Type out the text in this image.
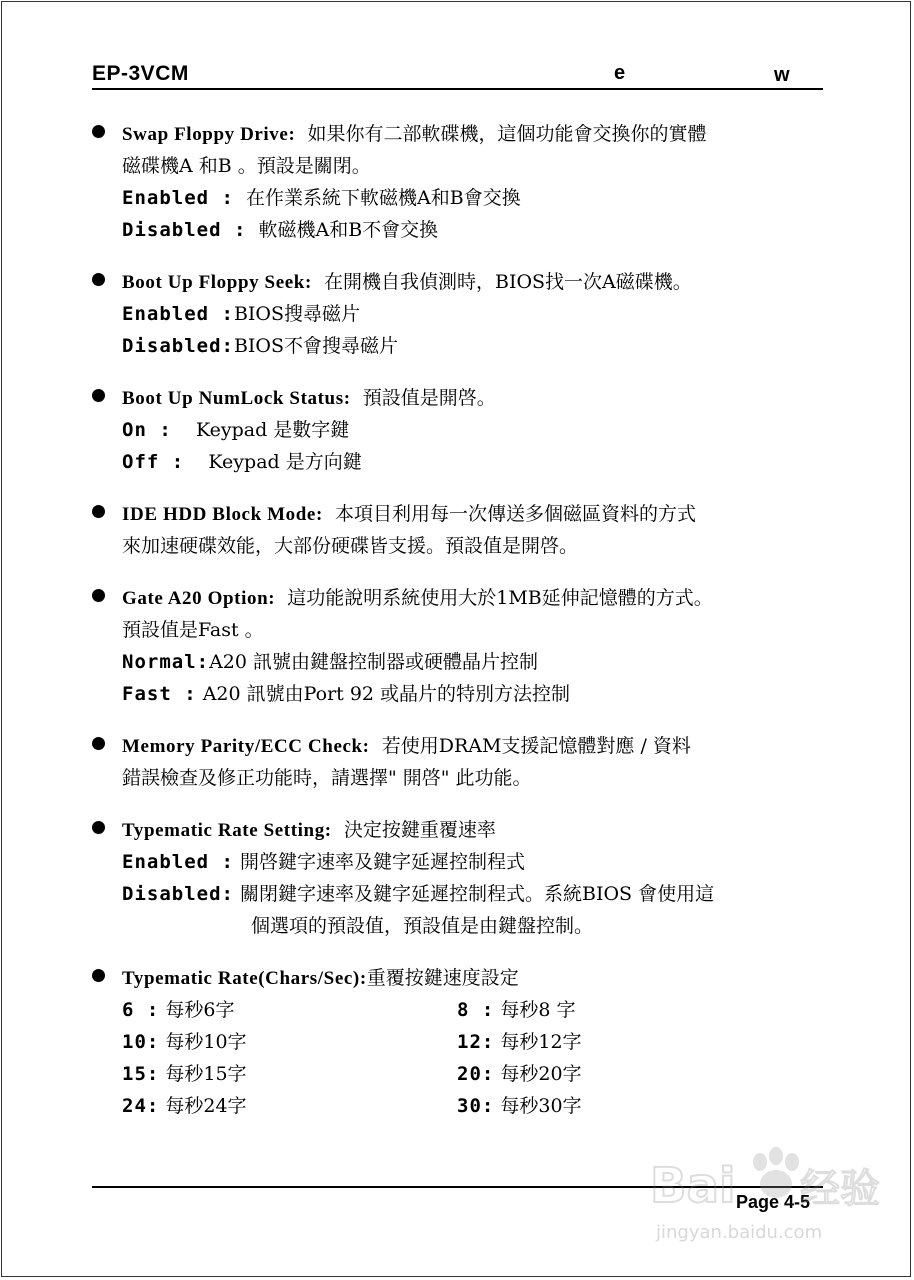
EP-3VCM	e	w
Swap Floppy Drive: 如果你有二部軟碟機，這個功能會交換你的實體
磁碟機A 和B 。預設是關閉。
Enabled : 在作業系統下軟磁機A和B會交換
Disabled : 軟磁機A和B不會交換
Boot Up Floppy Seek: 在開機自我偵測時，BIOS找一次A磁碟機。
Enabled :BIOS搜尋磁片
Disabled:BIOS不會搜尋磁片
Boot Up NumLock Status: 預設值是開啓。
On : Keypad 是數字鍵
Off : Keypad 是方向鍵
IDE HDD Block Mode: 本項目利用每一次傳送多個磁區資料的方式
來加速硬碟效能，大部份硬碟皆支援。預設值是開啓。
Gate A20 Option: 這功能說明系統使用大於1MB延伸記憶體的方式。
預設值是Fast 。
Normal:A20 訊號由鍵盤控制器或硬體晶片控制
Fast : A20 訊號由Port 92 或晶片的特別方法控制
Memory Parity/ECC Check: 若使用DRAM支援記憶體對應 / 資料
錯誤檢查及修正功能時，請選擇" 開啓" 此功能。
Typematic Rate Setting: 決定按鍵重覆速率
Enabled : 開啓鍵字速率及鍵字延遲控制程式
Disabled: 關閉鍵字速率及鍵字延遲控制程式。系統BIOS 會使用這
個選項的預設值，預設值是由鍵盤控制。
Typematic Rate(Chars/Sec):重覆按鍵速度設定
6 : 每秒6字	8 : 每秒8 字
10: 每秒10字	12: 每秒12字
15: 每秒15字	20: 每秒20字
24: 每秒24字	30: 每秒30字
Page 4-5
Bai 经验
jingyan.baidu.com
